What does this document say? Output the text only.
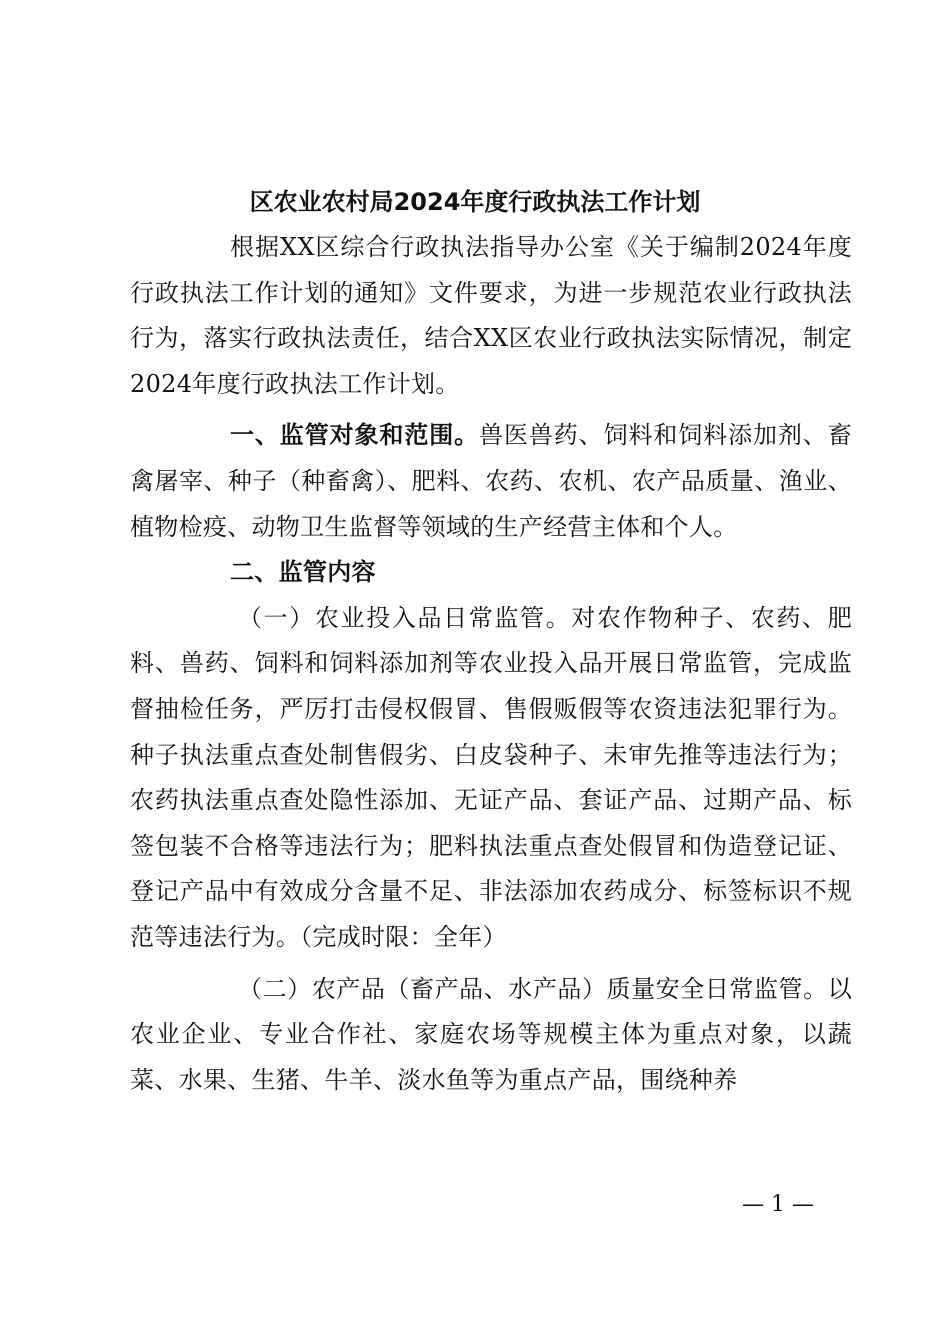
区农业农村局2024年度行政执法工作计划

根据XX区综合行政执法指导办公室《关于编制2024年度行政执法工作计划的通知》文件要求，为进一步规范农业行政执法行为，落实行政执法责任，结合XX区农业行政执法实际情况，制定2024年度行政执法工作计划。

一、监管对象和范围。兽医兽药、饲料和饲料添加剂、畜禽屠宰、种子（种畜禽）、肥料、农药、农机、农产品质量、渔业、植物检疫、动物卫生监督等领域的生产经营主体和个人。

二、监管内容

（一）农业投入品日常监管。对农作物种子、农药、肥料、兽药、饲料和饲料添加剂等农业投入品开展日常监管，完成监督抽检任务，严厉打击侵权假冒、售假贩假等农资违法犯罪行为。种子执法重点查处制售假劣、白皮袋种子、未审先推等违法行为；农药执法重点查处隐性添加、无证产品、套证产品、过期产品、标签包装不合格等违法行为；肥料执法重点查处假冒和伪造登记证、登记产品中有效成分含量不足、非法添加农药成分、标签标识不规范等违法行为。（完成时限：全年）

（二）农产品（畜产品、水产品）质量安全日常监管。以农业企业、专业合作社、家庭农场等规模主体为重点对象，以蔬菜、水果、生猪、牛羊、淡水鱼等为重点产品，围绕种养

— 1 —
